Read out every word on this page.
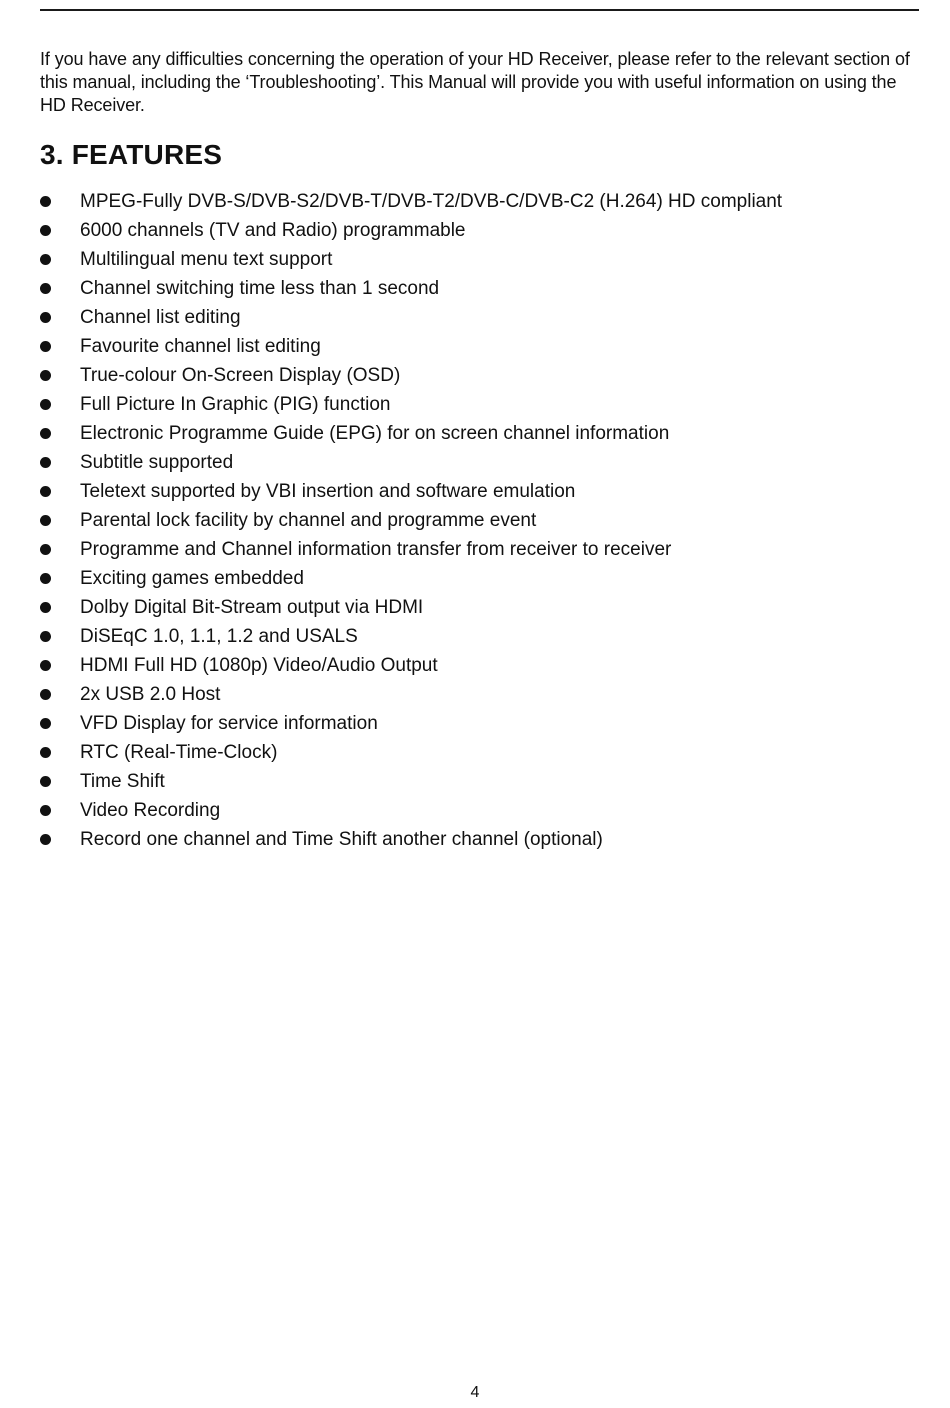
If you have any difficulties concerning the operation of your HD Receiver, please refer to the relevant section of this manual, including the ‘Troubleshooting’. This Manual will provide you with useful information on using the HD Receiver.

3. FEATURES
MPEG-Fully DVB-S/DVB-S2/DVB-T/DVB-T2/DVB-C/DVB-C2 (H.264) HD compliant
6000 channels (TV and Radio) programmable
Multilingual menu text support
Channel switching time less than 1 second
Channel list editing
Favourite channel list editing
True-colour On-Screen Display (OSD)
Full Picture In Graphic (PIG) function
Electronic Programme Guide (EPG) for on screen channel information
Subtitle supported
Teletext supported by VBI insertion and software emulation
Parental lock facility by channel and programme event
Programme and Channel information transfer from receiver to receiver
Exciting games embedded
Dolby Digital Bit-Stream output via HDMI
DiSEqC 1.0, 1.1, 1.2 and USALS
HDMI Full HD (1080p) Video/Audio Output
2x USB 2.0 Host
VFD Display for service information
RTC (Real-Time-Clock)
Time Shift
Video Recording
Record one channel and Time Shift another channel (optional)
4
